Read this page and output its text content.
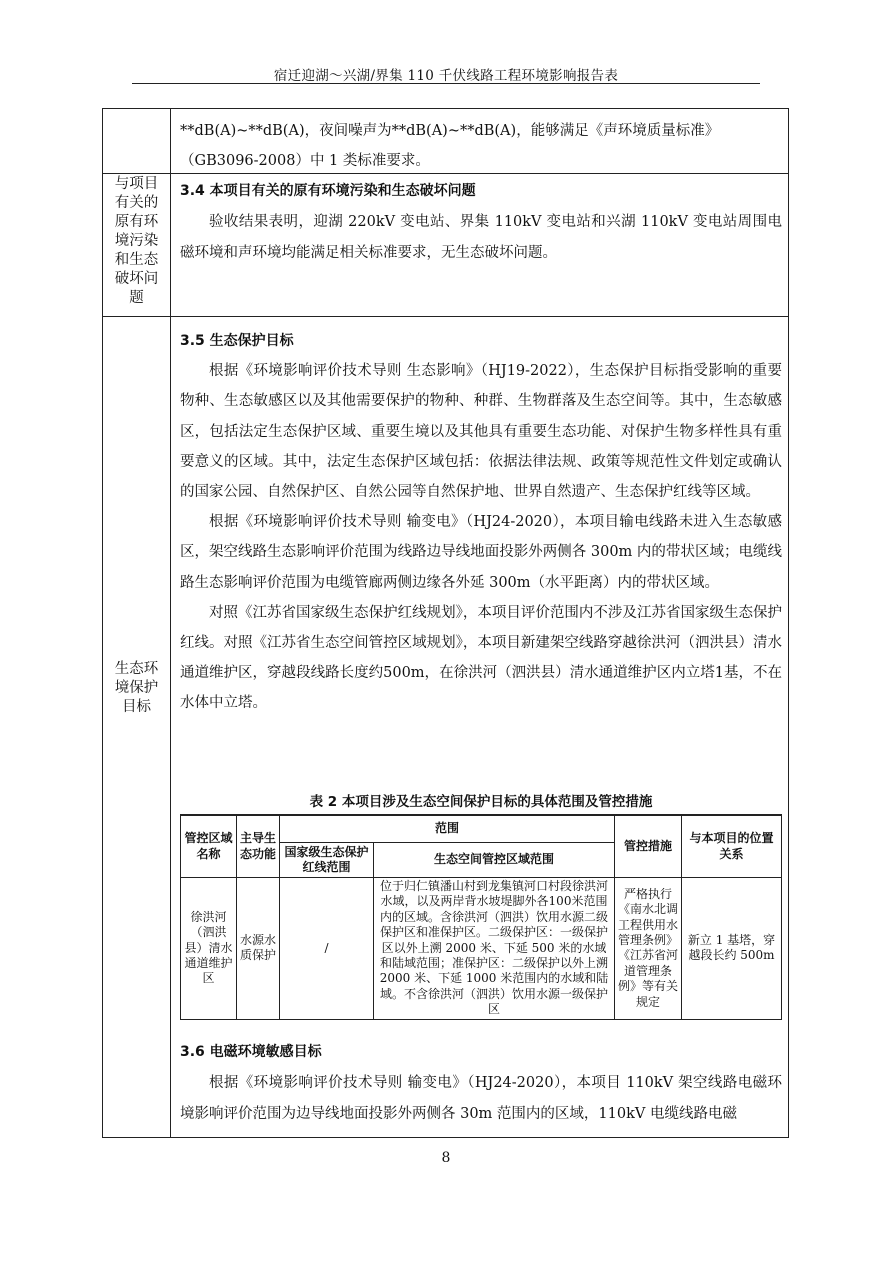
宿迁迎湖～兴湖/界集 110 千伏线路工程环境影响报告表

**dB(A)~**dB(A)，夜间噪声为**dB(A)~**dB(A)，能够满足《声环境质量标准》

（GB3096-2008）中 1 类标准要求。

与项目
有关的
原有环
境污染
和生态
破坏问
题

3.4 本项目有关的原有环境污染和生态破坏问题

验收结果表明，迎湖 220kV 变电站、界集 110kV 变电站和兴湖 110kV 变电站周围电磁环境和声环境均能满足相关标准要求，无生态破坏问题。

生态环
境保护
目标

3.5 生态保护目标

根据《环境影响评价技术导则 生态影响》（HJ19-2022），生态保护目标指受影响的重要物种、生态敏感区以及其他需要保护的物种、种群、生物群落及生态空间等。其中，生态敏感区，包括法定生态保护区域、重要生境以及其他具有重要生态功能、对保护生物多样性具有重要意义的区域。其中，法定生态保护区域包括：依据法律法规、政策等规范性文件划定或确认的国家公园、自然保护区、自然公园等自然保护地、世界自然遗产、生态保护红线等区域。

根据《环境影响评价技术导则 输变电》（HJ24-2020），本项目输电线路未进入生态敏感区，架空线路生态影响评价范围为线路边导线地面投影外两侧各 300m 内的带状区域；电缆线路生态影响评价范围为电缆管廊两侧边缘各外延 300m（水平距离）内的带状区域。

对照《江苏省国家级生态保护红线规划》，本项目评价范围内不涉及江苏省国家级生态保护红线。对照《江苏省生态空间管控区域规划》，本项目新建架空线路穿越徐洪河（泗洪县）清水通道维护区，穿越段线路长度约500m，在徐洪河（泗洪县）清水通道维护区内立塔1基，不在水体中立塔。

表 2 本项目涉及生态空间保护目标的具体范围及管控措施
管控区域名称	主导生态功能	范围		管控措施	与本项目的位置关系
		国家级生态保护红线范围	生态空间管控区域范围		
徐洪河（泗洪县）清水通道维护区	水源水质保护	/	位于归仁镇潘山村到龙集镇河口村段徐洪河水域，以及两岸背水坡堤脚外各100米范围内的区域。含徐洪河（泗洪）饮用水源二级保护区和准保护区。二级保护区：一级保护区以外上溯 2000 米、下延 500 米的水域和陆域范围；准保护区：二级保护以外上溯 2000 米、下延 1000 米范围内的水域和陆域。不含徐洪河（泗洪）饮用水源一级保护区	严格执行《南水北调工程供用水管理条例》《江苏省河道管理条例》等有关规定	新立 1 基塔，穿越段长约 500m

3.6 电磁环境敏感目标

根据《环境影响评价技术导则 输变电》（HJ24-2020），本项目 110kV 架空线路电磁环境影响评价范围为边导线地面投影外两侧各 30m 范围内的区域，110kV 电缆线路电磁

8
